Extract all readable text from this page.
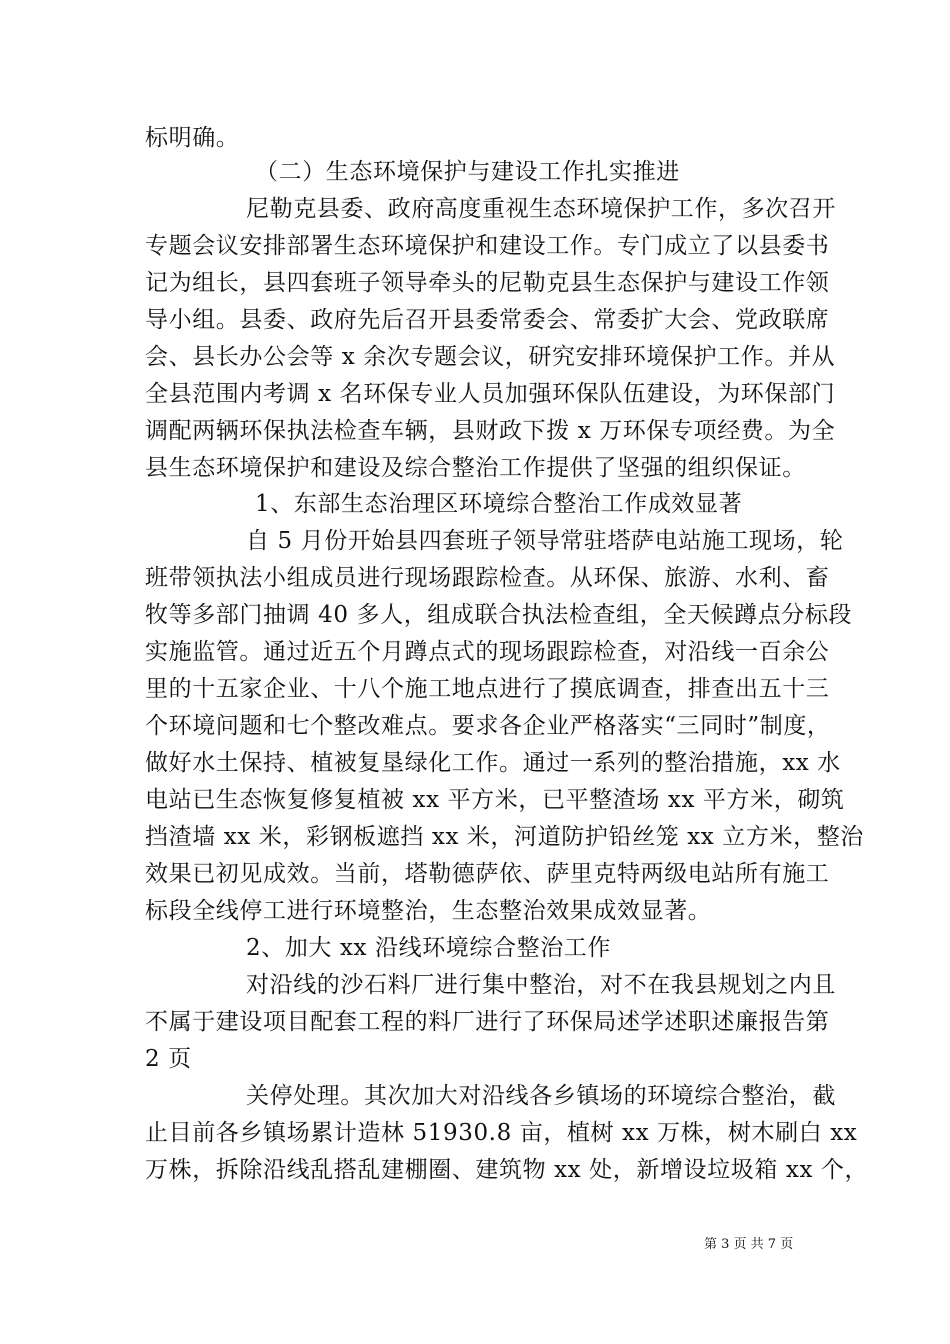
标明确。
（二）生态环境保护与建设工作扎实推进
尼勒克县委、政府高度重视生态环境保护工作，多次召开
专题会议安排部署生态环境保护和建设工作。专门成立了以县委书
记为组长，县四套班子领导牵头的尼勒克县生态保护与建设工作领
导小组。县委、政府先后召开县委常委会、常委扩大会、党政联席
会、县长办公会等 x 余次专题会议，研究安排环境保护工作。并从
全县范围内考调 x 名环保专业人员加强环保队伍建设，为环保部门
调配两辆环保执法检查车辆，县财政下拨 x 万环保专项经费。为全
县生态环境保护和建设及综合整治工作提供了坚强的组织保证。
1、东部生态治理区环境综合整治工作成效显著
自 5 月份开始县四套班子领导常驻塔萨电站施工现场，轮
班带领执法小组成员进行现场跟踪检查。从环保、旅游、水利、畜
牧等多部门抽调 40 多人，组成联合执法检查组，全天候蹲点分标段
实施监管。通过近五个月蹲点式的现场跟踪检查，对沿线一百余公
里的十五家企业、十八个施工地点进行了摸底调查，排查出五十三
个环境问题和七个整改难点。要求各企业严格落实“三同时”制度，
做好水土保持、植被复垦绿化工作。通过一系列的整治措施，xx 水
电站已生态恢复修复植被 xx 平方米，已平整渣场 xx 平方米，砌筑
挡渣墙 xx 米，彩钢板遮挡 xx 米，河道防护铅丝笼 xx 立方米，整治
效果已初见成效。当前，塔勒德萨依、萨里克特两级电站所有施工
标段全线停工进行环境整治，生态整治效果成效显著。
2、加大 xx 沿线环境综合整治工作
对沿线的沙石料厂进行集中整治，对不在我县规划之内且
不属于建设项目配套工程的料厂进行了环保局述学述职述廉报告第
2 页
关停处理。其次加大对沿线各乡镇场的环境综合整治，截
止目前各乡镇场累计造林 51930.8 亩，植树 xx 万株，树木刷白 xx
万株，拆除沿线乱搭乱建棚圈、建筑物 xx 处，新增设垃圾箱 xx 个，
第 3 页 共 7 页
